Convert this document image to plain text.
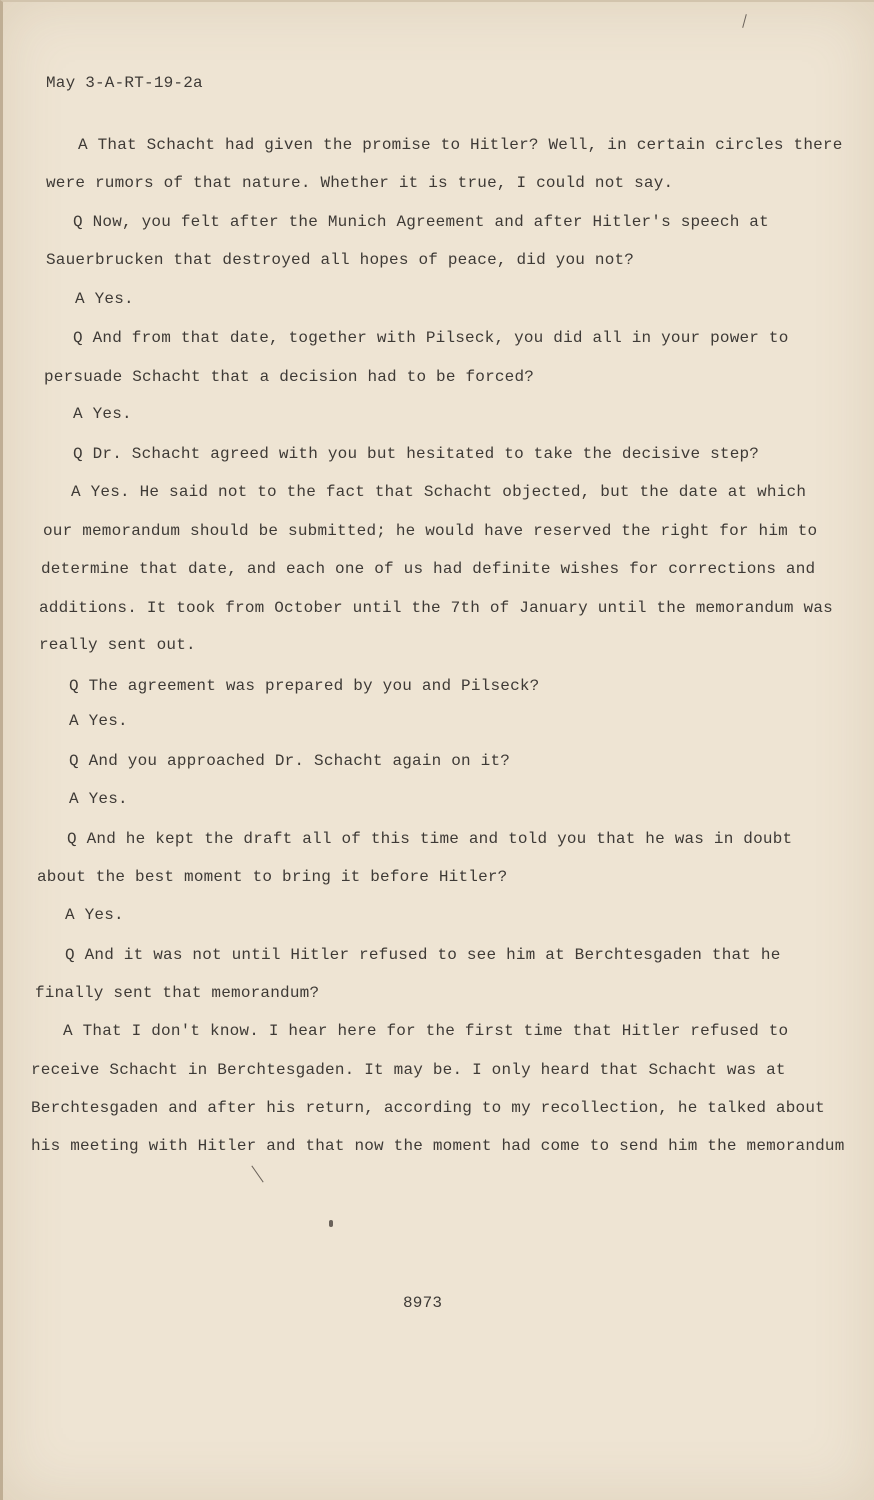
May 3-A-RT-19-2a
A That Schacht had given the promise to Hitler? Well, in certain circles there
were rumors of that nature. Whether it is true, I could not say.
Q Now, you felt after the Munich Agreement and after Hitler's speech at
Sauerbrucken that destroyed all hopes of peace, did you not?
A Yes.
Q And from that date, together with Pilseck, you did all in your power to
persuade Schacht that a decision had to be forced?
A Yes.
Q Dr. Schacht agreed with you but hesitated to take the decisive step?
A Yes. He said not to the fact that Schacht objected, but the date at which
our memorandum should be submitted; he would have reserved the right for him to
determine that date, and each one of us had definite wishes for corrections and
additions. It took from October until the 7th of January until the memorandum was
really sent out.
Q The agreement was prepared by you and Pilseck?
A Yes.
Q And you approached Dr. Schacht again on it?
A Yes.
Q And he kept the draft all of this time and told you that he was in doubt
about the best moment to bring it before Hitler?
A Yes.
Q And it was not until Hitler refused to see him at Berchtesgaden that he
finally sent that memorandum?
A That I don't know. I hear here for the first time that Hitler refused to
receive Schacht in Berchtesgaden. It may be. I only heard that Schacht was at
Berchtesgaden and after his return, according to my recollection, he talked about
his meeting with Hitler and that now the moment had come to send him the memorandum
8973
